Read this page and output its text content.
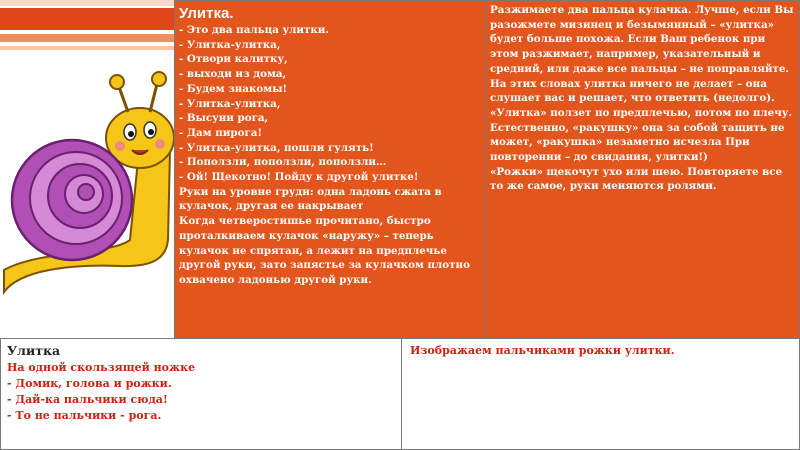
Улитка.
- Это два пальца улитки.
- Улитка-улитка,
- Отвори калитку,
- выходи из дома,
- Будем знакомы!
- Улитка-улитка,
- Высуни рога,
- Дам пирога!
- Улитка-улитка, пошли гулять!
- Поползли, поползли, поползли…
- Ой! Щекотно! Пойду к другой улитке!
Руки на уровне груди: одна ладонь сжата в
кулачок, другая ее накрывает
Когда четверостишье прочитано, быстро
проталкиваем кулачок «наружу» – теперь
кулачок не спрятан, а лежит на предплечье
другой руки, зато запястье за кулачком плотно
охвачено ладонью другой руки.

Разжимаете два пальца кулачка. Лучше, если Вы
разожмете мизинец и безымянный – «улитка»
будет больше похожа. Если Ваш ребенок при
этом разжимает, например, указательный и
средний, или даже все пальцы – не поправляйте.
На этих словах улитка ничего не делает – она
слушает вас и решает, что ответить (недолго).
«Улитка» ползет по предплечью, потом по плечу.
Естественно, «ракушку» она за собой тащить не
может, «ракушка» незаметно исчезла При
повторении – до свидания, улитки!)
«Рожки» щекочут ухо или шею. Повторяете все
то же самое, руки меняются ролями.
Улитка
На одной скользящей ножке
- Домик, голова и рожки.
- Дай-ка пальчики сюда!
- То не пальчики - рога.

Изображаем пальчиками рожки улитки.
